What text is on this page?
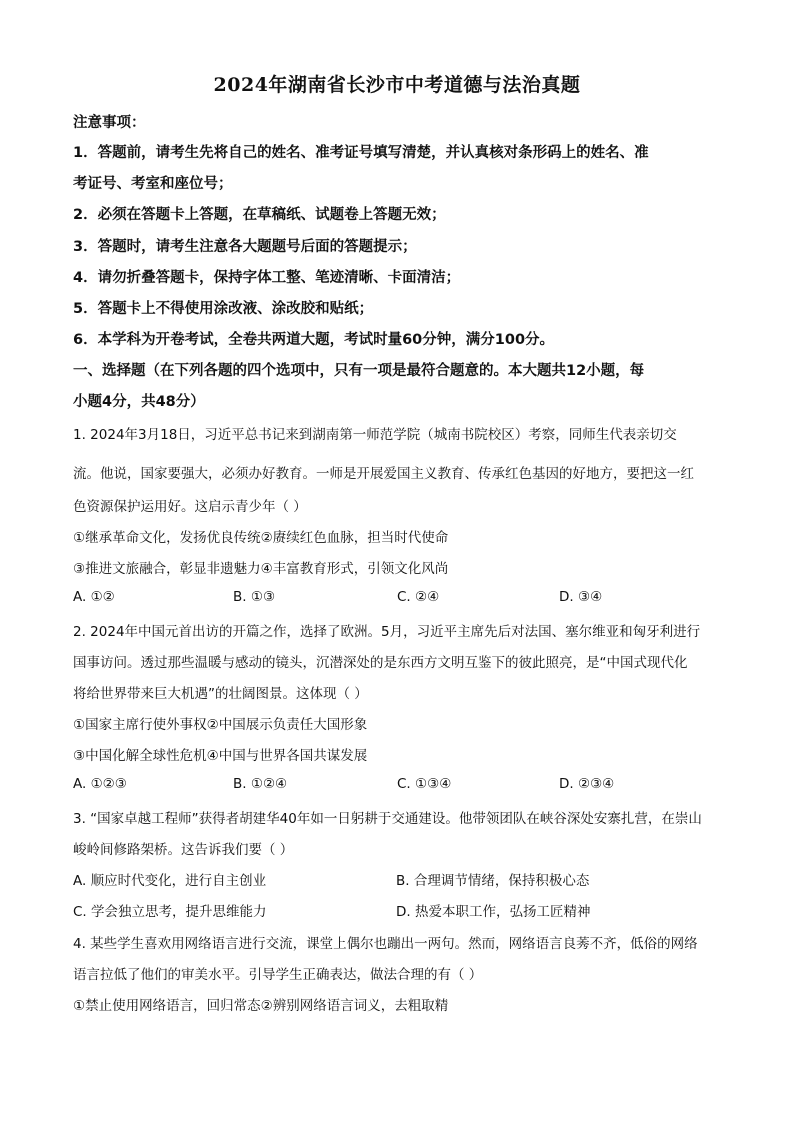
2024年湖南省长沙市中考道德与法治真题
注意事项：
1．答题前，请考生先将自己的姓名、准考证号填写清楚，并认真核对条形码上的姓名、准
考证号、考室和座位号；
2．必须在答题卡上答题，在草稿纸、试题卷上答题无效；
3．答题时，请考生注意各大题题号后面的答题提示；
4．请勿折叠答题卡，保持字体工整、笔迹清晰、卡面清洁；
5．答题卡上不得使用涂改液、涂改胶和贴纸；
6．本学科为开卷考试，全卷共两道大题，考试时量60分钟，满分100分。
一、选择题（在下列各题的四个选项中，只有一项是最符合题意的。本大题共12小题，每
小题4分，共48分）
1. 2024年3月18日，习近平总书记来到湖南第一师范学院（城南书院校区）考察，同师生代表亲切交
流。他说，国家要强大，必须办好教育。一师是开展爱国主义教育、传承红色基因的好地方，要把这一红
色资源保护运用好。这启示青少年（ ）
①继承革命文化，发扬优良传统②赓续红色血脉，担当时代使命
③推进文旅融合，彰显非遗魅力④丰富教育形式，引领文化风尚
A. ①②	B. ①③	C. ②④	D. ③④
2. 2024年中国元首出访的开篇之作，选择了欧洲。5月，习近平主席先后对法国、塞尔维亚和匈牙利进行
国事访问。透过那些温暖与感动的镜头，沉潜深处的是东西方文明互鉴下的彼此照亮，是“中国式现代化
将给世界带来巨大机遇”的壮阔图景。这体现（ ）
①国家主席行使外事权②中国展示负责任大国形象
③中国化解全球性危机④中国与世界各国共谋发展
A. ①②③	B. ①②④	C. ①③④	D. ②③④
3. “国家卓越工程师”获得者胡建华40年如一日躬耕于交通建设。他带领团队在峡谷深处安寨扎营，在崇山
峻岭间修路架桥。这告诉我们要（ ）
A. 顺应时代变化，进行自主创业	B. 合理调节情绪，保持积极心态
C. 学会独立思考，提升思维能力	D. 热爱本职工作，弘扬工匠精神
4. 某些学生喜欢用网络语言进行交流，课堂上偶尔也蹦出一两句。然而，网络语言良莠不齐，低俗的网络
语言拉低了他们的审美水平。引导学生正确表达，做法合理的有（ ）
①禁止使用网络语言，回归常态②辨别网络语言词义，去粗取精
